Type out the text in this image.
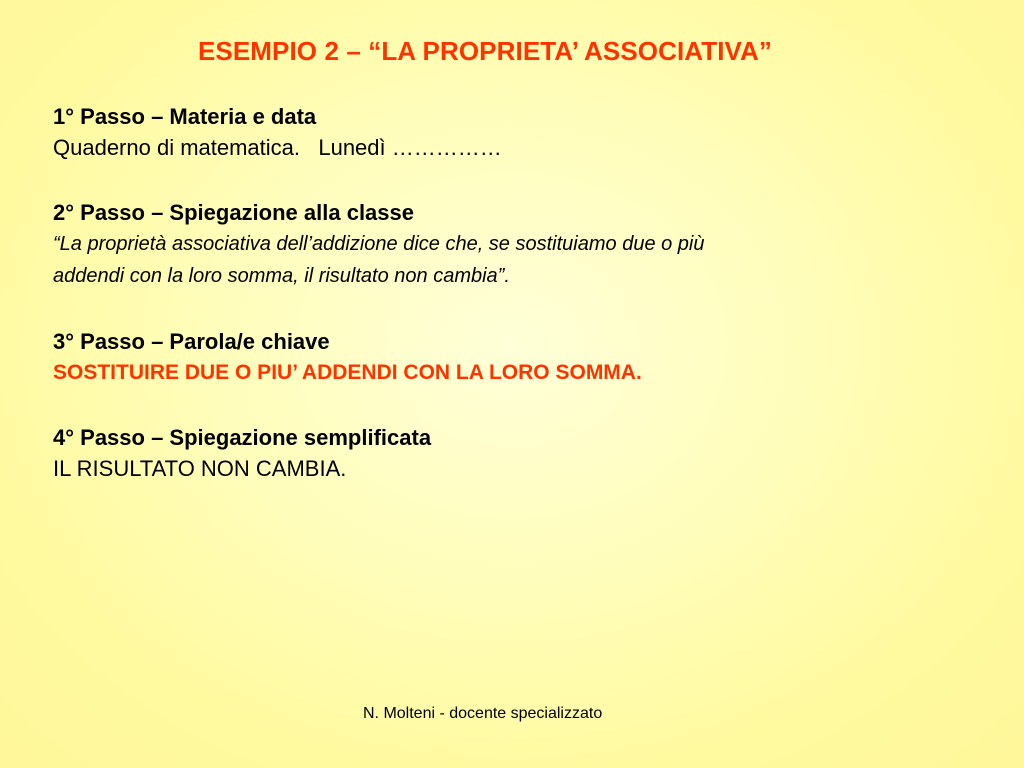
ESEMPIO 2 – “LA PROPRIETA’ ASSOCIATIVA”
1° Passo – Materia e data
Quaderno di matematica.   Lunedì ……………
2° Passo – Spiegazione alla classe
“La proprietà associativa dell’addizione dice che, se sostituiamo due o più
addendi con la loro somma, il risultato non cambia”.
3° Passo – Parola/e chiave
SOSTITUIRE DUE O PIU’ ADDENDI CON LA LORO SOMMA.
4° Passo – Spiegazione semplificata
IL RISULTATO NON CAMBIA.
N. Molteni - docente specializzato
